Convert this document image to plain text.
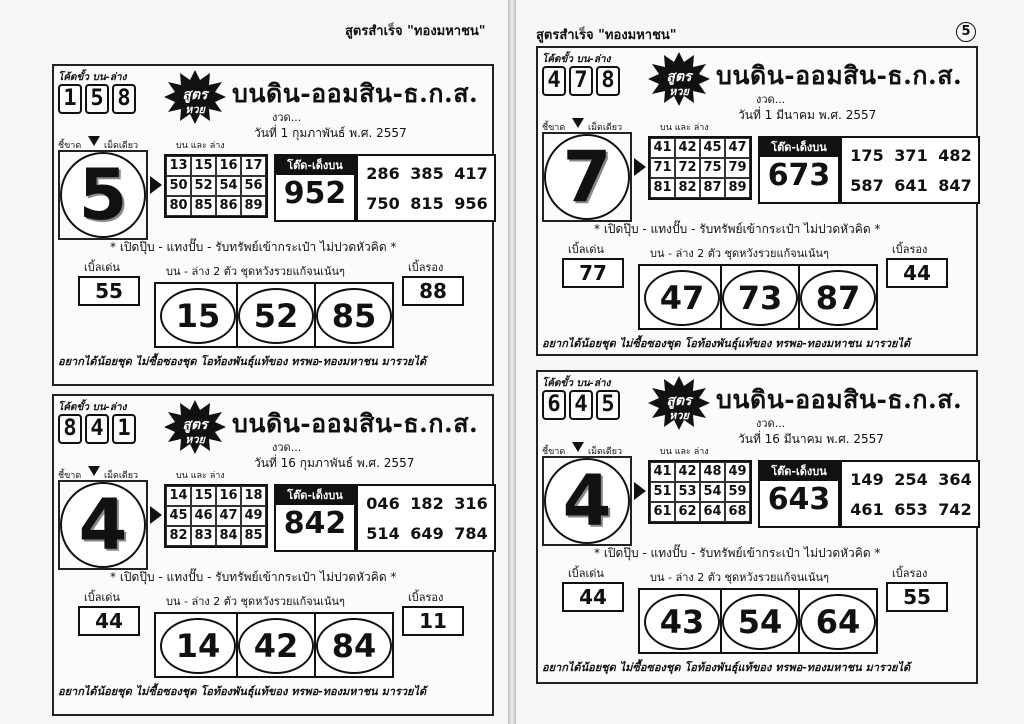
สูตรสำเร็จ "ทองมหาชน"
โค้ดขั้ว บน-ล่าง
1 5 8	สูตร
หวย
บนดิน-ออมสิน-ธ.ก.ส.
งวด...
วันที่ 1 กุมภาพันธ์ พ.ศ. 2557
ชี้ขาด	เม็ดเดียว	บน และ ล่าง
5	13 15 16 17
50 52 54 56
80 85 86 89
โต๊ด-เด็งบน
952
286 385 417
750 815 956
* เปิดปุ๊บ - แทงปั๊บ - รับทรัพย์เข้ากระเป๋า ไม่ปวดหัวคิด *
เบิ้ลเด่น
55
บน - ล่าง 2 ตัว ชุดหวังรวยแก้จนเน้นๆ	เบิ้ลรอง
88
15	52	85
อยากได้น้อยชุด ไม่ซื้อซองชุด โอท้องพันธุ์แท้ของ ทรพอ-ทองมหาชน มารวยได้
โค้ดขั้ว บน-ล่าง
8 4 1	สูตร
หวย
บนดิน-ออมสิน-ธ.ก.ส.
งวด...
วันที่ 16 กุมภาพันธ์ พ.ศ. 2557
ชี้ขาด	เม็ดเดียว	บน และ ล่าง
4	14 15 16 18
45 46 47 49
82 83 84 85
โต๊ด-เด็งบน
842
046 182 316
514 649 784
* เปิดปุ๊บ - แทงปั๊บ - รับทรัพย์เข้ากระเป๋า ไม่ปวดหัวคิด *
เบิ้ลเด่น
44
บน - ล่าง 2 ตัว ชุดหวังรวยแก้จนเน้นๆ	เบิ้ลรอง
11
14	42	84
อยากได้น้อยชุด ไม่ซื้อซองชุด โอท้องพันธุ์แท้ของ ทรพอ-ทองมหาชน มารวยได้
สูตรสำเร็จ "ทองมหาชน"	5
โค้ดขั้ว บน-ล่าง
4 7 8	สูตร
หวย
บนดิน-ออมสิน-ธ.ก.ส.
งวด...
วันที่ 1 มีนาคม พ.ศ. 2557
ชี้ขาด	เม็ดเดียว	บน และ ล่าง
7	41 42 45 47
71 72 75 79
81 82 87 89
โต๊ด-เด็งบน
673
175 371 482
587 641 847
* เปิดปุ๊บ - แทงปั๊บ - รับทรัพย์เข้ากระเป๋า ไม่ปวดหัวคิด *
เบิ้ลเด่น
77
บน - ล่าง 2 ตัว ชุดหวังรวยแก้จนเน้นๆ	เบิ้ลรอง
44
47	73	87
อยากได้น้อยชุด ไม่ซื้อซองชุด โอท้องพันธุ์แท้ของ ทรพอ-ทองมหาชน มารวยได้
โค้ดขั้ว บน-ล่าง
6 4 5	สูตร
หวย
บนดิน-ออมสิน-ธ.ก.ส.
งวด...
วันที่ 16 มีนาคม พ.ศ. 2557
ชี้ขาด	เม็ดเดียว	บน และ ล่าง
4	41 42 48 49
51 53 54 59
61 62 64 68
โต๊ด-เด็งบน
643
149 254 364
461 653 742
* เปิดปุ๊บ - แทงปั๊บ - รับทรัพย์เข้ากระเป๋า ไม่ปวดหัวคิด *
เบิ้ลเด่น
44
บน - ล่าง 2 ตัว ชุดหวังรวยแก้จนเน้นๆ	เบิ้ลรอง
55
43	54	64
อยากได้น้อยชุด ไม่ซื้อซองชุด โอท้องพันธุ์แท้ของ ทรพอ-ทองมหาชน มารวยได้
